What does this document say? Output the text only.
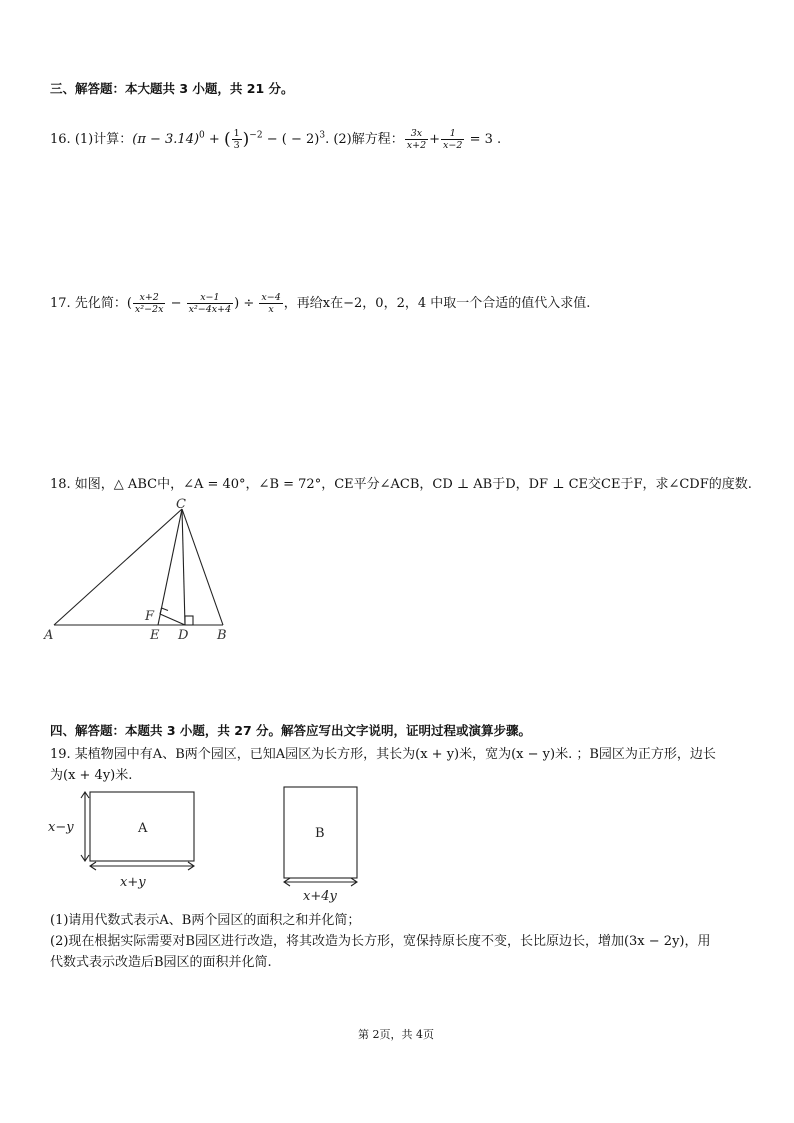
三、解答题：本大题共 3 小题，共 21 分。
16. (1)计算：$(\pi - 3.14)^0$ + ( $\frac{1}{3} )^{-2}$ − ( − 2)$^3$. (2)解方程： $\frac{3x}{x+2} + \frac{1}{x-2} = 3$ .
17. 先化简：( $\frac{x+2}{\text{x²−2x}} - \frac{x-1}{\text{x²−4x+4}}$ ) ÷ $\frac{x-4}{x}$ ，再给x在−2，0，2，4 中取一个合适的值代入求值.
18. 如图，△ ABC中，∠A = 40°，∠B = 72°，CE平分∠ACB，CD ⊥ AB于D，DF ⊥ CE交CE于F，求∠CDF的度数.
C
A
F
E D B
四、解答题：本题共 3 小题，共 27 分。解答应写出文字说明，证明过程或演算步骤。
19. 某植物园中有A、B两个园区，已知A园区为长方形，其长为(x + y)米，宽为(x − y)米. ；B园区为正方形，边长
为(x + 4y)米.
A
x−y
x+y
B
x+4y
(1)请用代数式表示A、B两个园区的面积之和并化简；
(2)现在根据实际需要对B园区进行改造，将其改造为长方形，宽保持原长度不变，长比原边长，增加(3x − 2y)，用
代数式表示改造后B园区的面积并化简.
第 2页，共 4页
